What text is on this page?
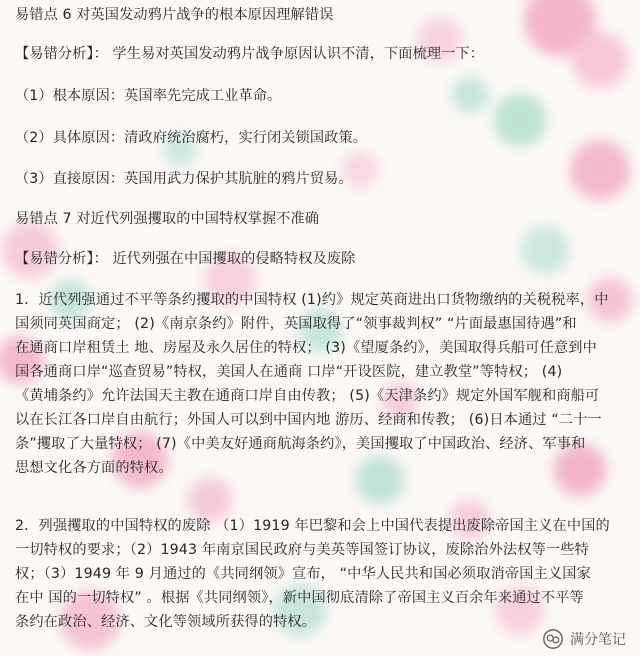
易错点 6 对英国发动鸦片战争的根本原因理解错误
【易错分析】： 学生易对英国发动鸦片战争原因认识不清，下面梳理一下：
（1）根本原因：英国率先完成工业革命。
（2）具体原因：清政府统治腐朽，实行闭关锁国政策。
（3）直接原因：英国用武力保护其肮脏的鸦片贸易。
易错点 7 对近代列强攫取的中国特权掌握不准确
【易错分析】： 近代列强在中国攫取的侵略特权及废除
1．近代列强通过不平等条约攫取的中国特权 (1)约》规定英商进出口货物缴纳的关税税率，中
国须同英国商定； (2)《南京条约》附件，英国取得了“领事裁判权” “片面最惠国待遇”和
在通商口岸租赁土 地、房屋及永久居住的特权； (3)《望厦条约》，美国取得兵船可任意到中
国各通商口岸“巡查贸易”特权，美国人在通商 口岸“开设医院，建立教堂”等特权； (4)
《黄埔条约》允许法国天主教在通商口岸自由传教； (5)《天津条约》规定外国军舰和商船可
以在长江各口岸自由航行；外国人可以到中国内地 游历、经商和传教； (6)日本通过 “二十一
条”攫取了大量特权； (7)《中美友好通商航海条约》，美国攫取了中国政治、经济、军事和
思想文化各方面的特权。
2．列强攫取的中国特权的废除 （1）1919 年巴黎和会上中国代表提出废除帝国主义在中国的
一切特权的要求；（2）1943 年南京国民政府与美英等国签订协议，废除治外法权等一些特
权；（3）1949 年 9 月通过的《共同纲领》宣布， “中华人民共和国必须取消帝国主义国家
在中 国的一切特权” 。根据《共同纲领》，新中国彻底清除了帝国主义百余年来通过不平等
条约在政治、经济、文化等领域所获得的特权。
满分笔记
